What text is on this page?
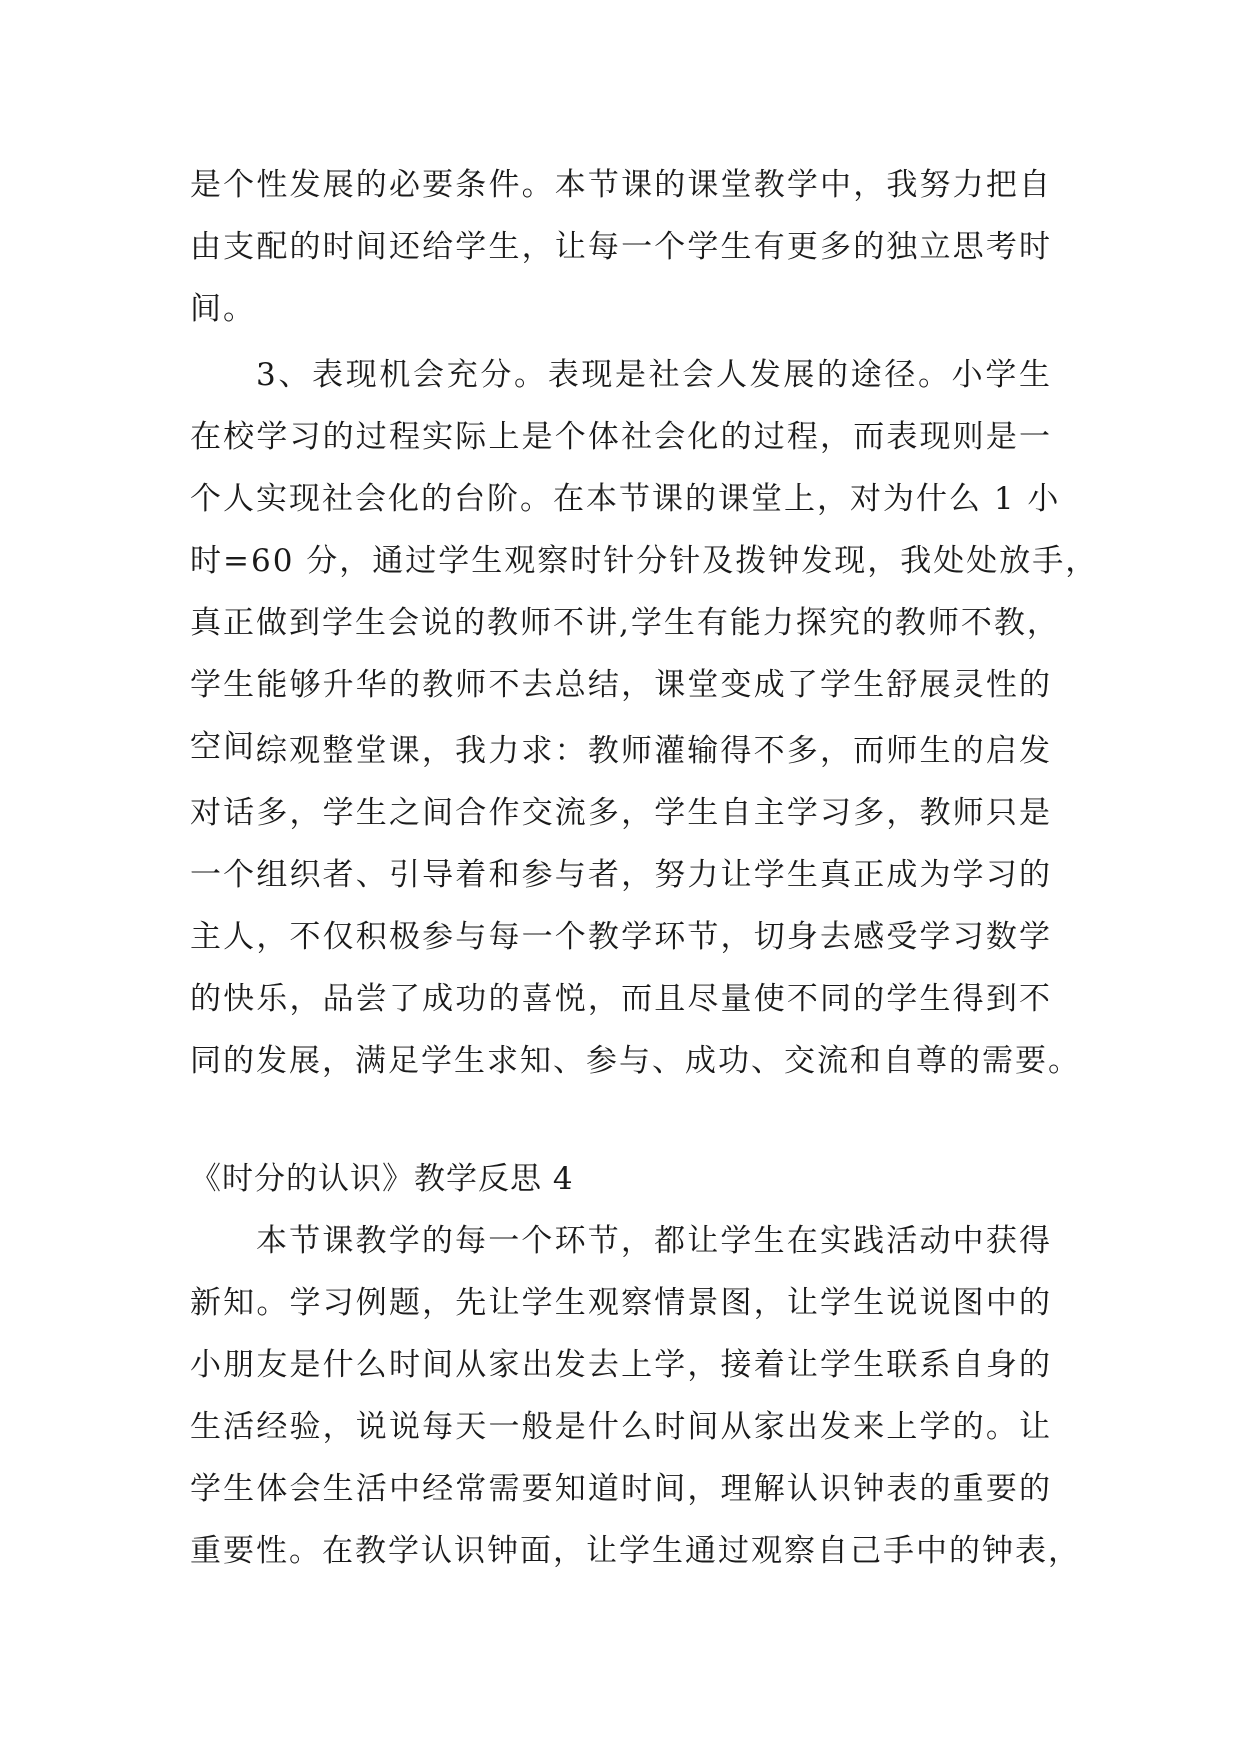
是个性发展的必要条件。本节课的课堂教学中，我努力把自
由支配的时间还给学生，让每一个学生有更多的独立思考时
间。
3、表现机会充分。表现是社会人发展的途径。小学生
在校学习的过程实际上是个体社会化的过程，而表现则是一
个人实现社会化的台阶。在本节课的课堂上，对为什么 1 小
时=60 分，通过学生观察时针分针及拨钟发现，我处处放手，
真正做到学生会说的教师不讲,学生有能力探究的教师不教，
学生能够升华的教师不去总结，课堂变成了学生舒展灵性的
空间。
综观整堂课，我力求：教师灌输得不多，而师生的启发
对话多，学生之间合作交流多，学生自主学习多，教师只是
一个组织者、引导着和参与者，努力让学生真正成为学习的
主人，不仅积极参与每一个教学环节，切身去感受学习数学
的快乐，品尝了成功的喜悦，而且尽量使不同的学生得到不
同的发展，满足学生求知、参与、成功、交流和自尊的需要。
《时分的认识》教学反思 4
本节课教学的每一个环节，都让学生在实践活动中获得
新知。学习例题，先让学生观察情景图，让学生说说图中的
小朋友是什么时间从家出发去上学，接着让学生联系自身的
生活经验，说说每天一般是什么时间从家出发来上学的。让
学生体会生活中经常需要知道时间，理解认识钟表的重要的
重要性。在教学认识钟面，让学生通过观察自己手中的钟表，
